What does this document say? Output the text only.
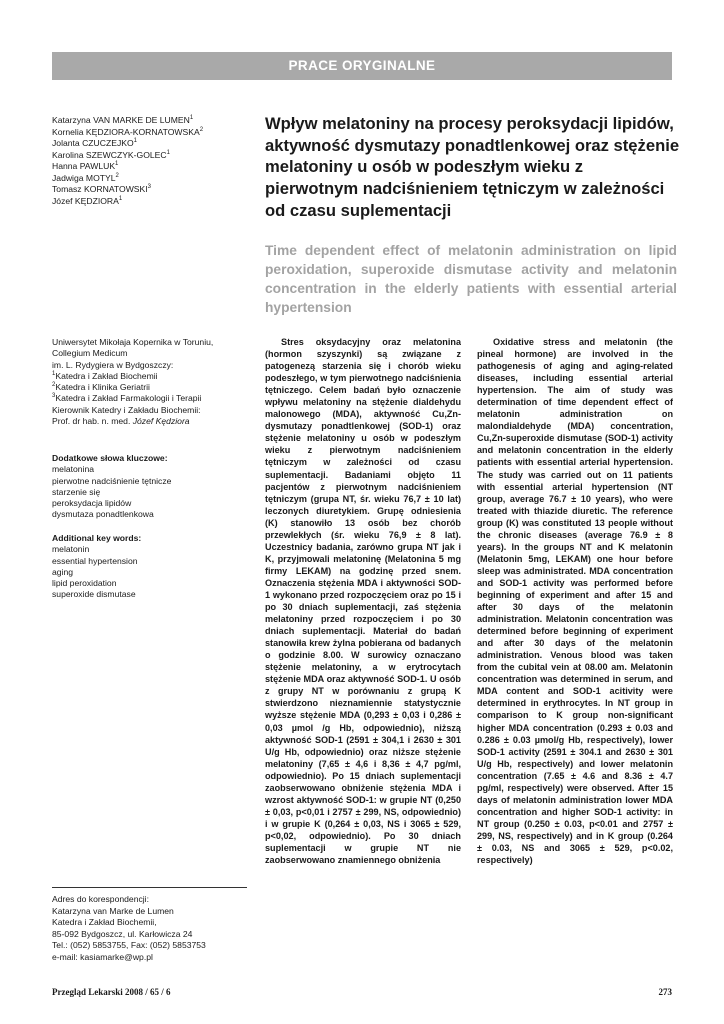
PRACE ORYGINALNE
Katarzyna VAN MARKE DE LUMEN$^1$
Kornelia KĘDZIORA-KORNATOWSKA$^2$
Jolanta CZUCZEJKO$^1$
Karolina SZEWCZYK-GOLEC$^1$
Hanna PAWLUK$^1$
Jadwiga MOTYL$^2$
Tomasz KORNATOWSKI$^3$
Józef KĘDZIORA$^1$
Wpływ melatoniny na procesy peroksydacji lipidów, aktywność dysmutazy ponadtlenkowej oraz stężenie melatoniny u osób w podeszłym wieku z pierwotnym nadciśnieniem tętniczym w zależności od czasu suplementacji
Time dependent effect of melatonin administration on lipid peroxidation, superoxide dismutase activity and melatonin concentration in the elderly patients with essential arterial hypertension
Uniwersytet Mikołaja Kopernika w Toruniu,
Collegium Medicum
im. L. Rydygiera w Bydgoszczy:
$^1$Katedra i Zakład Biochemii
$^2$Katedra i Klinika Geriatrii
$^3$Katedra i Zakład Farmakologii i Terapii
Kierownik Katedry i Zakładu Biochemii:
Prof. dr hab. n. med. Józef Kędziora
Dodatkowe słowa kluczowe:
melatonina
pierwotne nadciśnienie tętnicze
starzenie się
peroksydacja lipidów
dysmutaza ponadtlenkowa
Additional key words:
melatonin
essential hypertension
aging
lipid peroxidation
superoxide dismutase
Adres do korespondencji:
Katarzyna van Marke de Lumen
Katedra i Zakład Biochemii,
85-092 Bydgoszcz, ul. Karłowicza 24
Tel.: (052) 5853755, Fax: (052) 5853753
e-mail: kasiamarke@wp.pl

Stres oksydacyjny oraz melatonina (hormon szyszynki) są związane z patogenezą starzenia się i chorób wieku podeszłego, w tym pierwotnego nadciśnienia tętniczego. Celem badań było oznaczenie wpływu melatoniny na stężenie dialdehydu malonowego (MDA), aktywność Cu,Zn-dysmutazy ponadtlenkowej (SOD-1) oraz stężenie melatoniny u osób w podeszłym wieku z pierwotnym nadciśnieniem tętniczym w zależności od czasu suplementacji. Badaniami objęto 11 pacjentów z pierwotnym nadciśnieniem tętniczym (grupa NT, śr. wieku 76,7 ± 10 lat) leczonych diuretykiem. Grupę odniesienia (K) stanowiło 13 osób bez chorób przewlekłych (śr. wieku 76,9 ± 8 lat). Uczestnicy badania, zarówno grupa NT jak i K, przyjmowali melatoninę (Melatonina 5 mg firmy LEKAM) na godzinę przed snem. Oznaczenia stężenia MDA i aktywności SOD-1 wykonano przed rozpoczęciem oraz po 15 i po 30 dniach suplementacji, zaś stężenia melatoniny przed rozpoczęciem i po 30 dniach suplementacji. Materiał do badań stanowiła krew żylna pobierana od badanych o godzinie 8.00. W surowicy oznaczano stężenie melatoniny, a w erytrocytach stężenie MDA oraz aktywność SOD-1. U osób z grupy NT w porównaniu z grupą K stwierdzono nieznamiennie statystycznie wyższe stężenie MDA (0,293 ± 0,03 i 0,286 ± 0,03 µmol /g Hb, odpowiednio), niższą aktywność SOD-1 (2591 ± 304,1 i 2630 ± 301 U/g Hb, odpowiednio) oraz niższe stężenie melatoniny (7,65 ± 4,6 i 8,36 ± 4,7 pg/ml, odpowiednio). Po 15 dniach suplementacji zaobserwowano obniżenie stężenia MDA i wzrost aktywność SOD-1: w grupie NT (0,250 ± 0,03, p<0,01 i 2757 ± 299, NS, odpowiednio) i w grupie K (0,264 ± 0,03, NS i 3065 ± 529, p<0,02, odpowiednio). Po 30 dniach suplementacji w grupie NT nie zaobserwowano znamiennego obniżenia

Oxidative stress and melatonin (the pineal hormone) are involved in the pathogenesis of aging and aging-related diseases, including essential arterial hypertension. The aim of study was determination of time dependent effect of melatonin administration on malondialdehyde (MDA) concentration, Cu,Zn-superoxide dismutase (SOD-1) activity and melatonin concentration in the elderly patients with essential arterial hypertension. The study was carried out on 11 patients with essential arterial hypertension (NT group, average 76.7 ± 10 years), who were treated with thiazide diuretic. The reference group (K) was constituted 13 people without the chronic diseases (average 76.9 ± 8 years). In the groups NT and K melatonin (Melatonin 5mg, LEKAM) one hour before sleep was administrated. MDA concentration and SOD-1 activity was performed before beginning of experiment and after 15 and after 30 days of the melatonin administration. Melatonin concentration was determined before beginning of experiment and after 30 days of the melatonin administration. Venous blood was taken from the cubital vein at 08.00 am. Melatonin concentration was determined in serum, and MDA content and SOD-1 acitivity were determined in erythrocytes. In NT group in comparison to K group non-significant higher MDA concentration (0.293 ± 0.03 and 0.286 ± 0.03 µmol/g Hb, respectively), lower SOD-1 activity (2591 ± 304.1 and 2630 ± 301 U/g Hb, respectively) and lower melatonin concentration (7.65 ± 4.6 and 8.36 ± 4.7 pg/ml, respectively) were observed. After 15 days of melatonin administration lower MDA concentration and higher SOD-1 activity: in NT group (0.250 ± 0.03, p<0.01 and 2757 ± 299, NS, respectively) and in K group (0.264 ± 0.03, NS and 3065 ± 529, p<0.02, respectively)

Przegląd Lekarski 2008 / 65 / 6	273
